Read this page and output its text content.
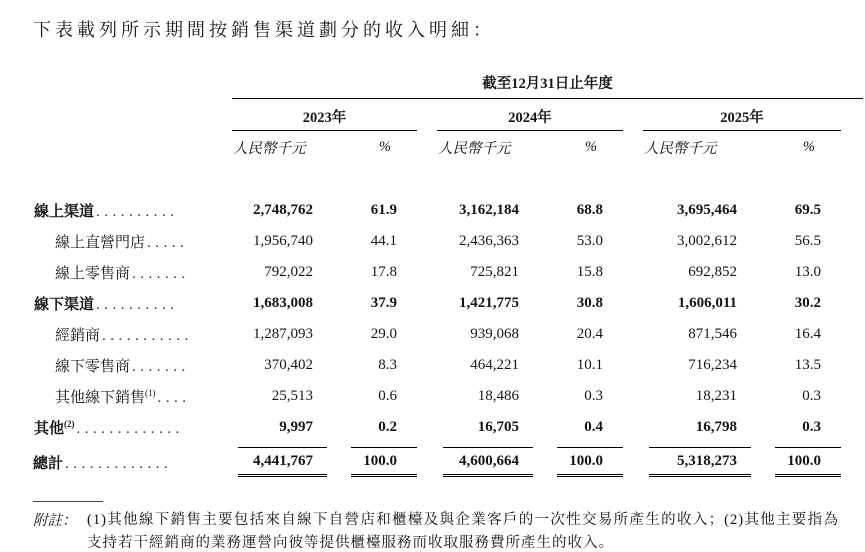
下表載列所示期間按銷售渠道劃分的收入明細：

	截至12月31日止年度								
	2023年			2024年			2025年		
	人民幣千元	%		人民幣千元	%		人民幣千元	%	

線上渠道 ..........	2,748,762	61.9		3,162,184	68.8		3,695,464	69.5	
線上直營門店 .....	1,956,740	44.1		2,436,363	53.0		3,002,612	56.5	
線上零售商 .......	792,022	17.8		725,821	15.8		692,852	13.0	
線下渠道 ..........	1,683,008	37.9		1,421,775	30.8		1,606,011	30.2	
經銷商 ...........	1,287,093	29.0		939,068	20.4		871,546	16.4	
線下零售商 .......	370,402	8.3		464,221	10.1		716,234	13.5	
其他線下銷售$^{(1)}$ ....	25,513	0.6		18,486	0.3		18,231	0.3	
其他$^{(2)}$ .............	9,997	0.2		16,705	0.4		16,798	0.3	
總計 .............	4,441,767	100.0		4,600,664	100.0		5,318,273	100.0	

附註： (1)其他線下銷售主要包括來自線下自營店和櫃檯及與企業客戶的一次性交易所產生的收入；(2)其他主要指為支持若干經銷商的業務運營向彼等提供櫃檯服務而收取服務費所產生的收入。
